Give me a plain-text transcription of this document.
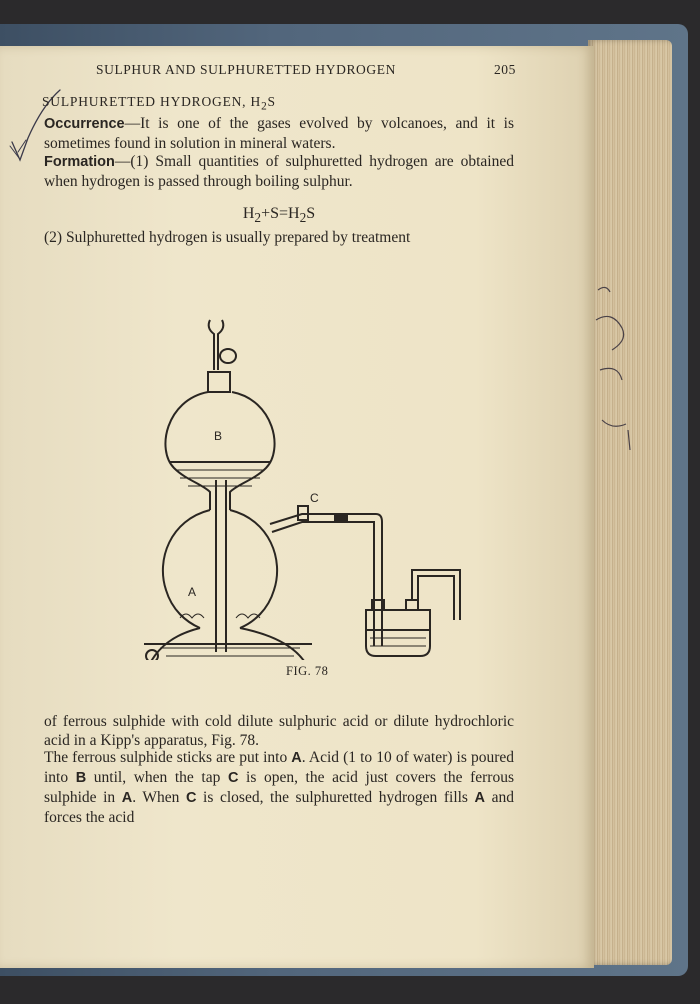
SULPHUR AND SULPHURETTED HYDROGEN	205
SULPHURETTED HYDROGEN, $H_2S$
Occurrence—It is one of the gases evolved by volcanoes, and it is sometimes found in solution in mineral waters.
Formation—(1) Small quantities of sulphuretted hydrogen are obtained when hydrogen is passed through boiling sulphur.
$H_2+S=H_2S$
(2) Sulphuretted hydrogen is usually prepared by treatment
B
A
C
FIG. 78
of ferrous sulphide with cold dilute sulphuric acid or dilute hydrochloric acid in a Kipp's apparatus, Fig. 78.
The ferrous sulphide sticks are put into A. Acid (1 to 10 of water) is poured into B until, when the tap C is open, the acid just covers the ferrous sulphide in A. When C is closed, the sulphuretted hydrogen fills A and forces the acid
